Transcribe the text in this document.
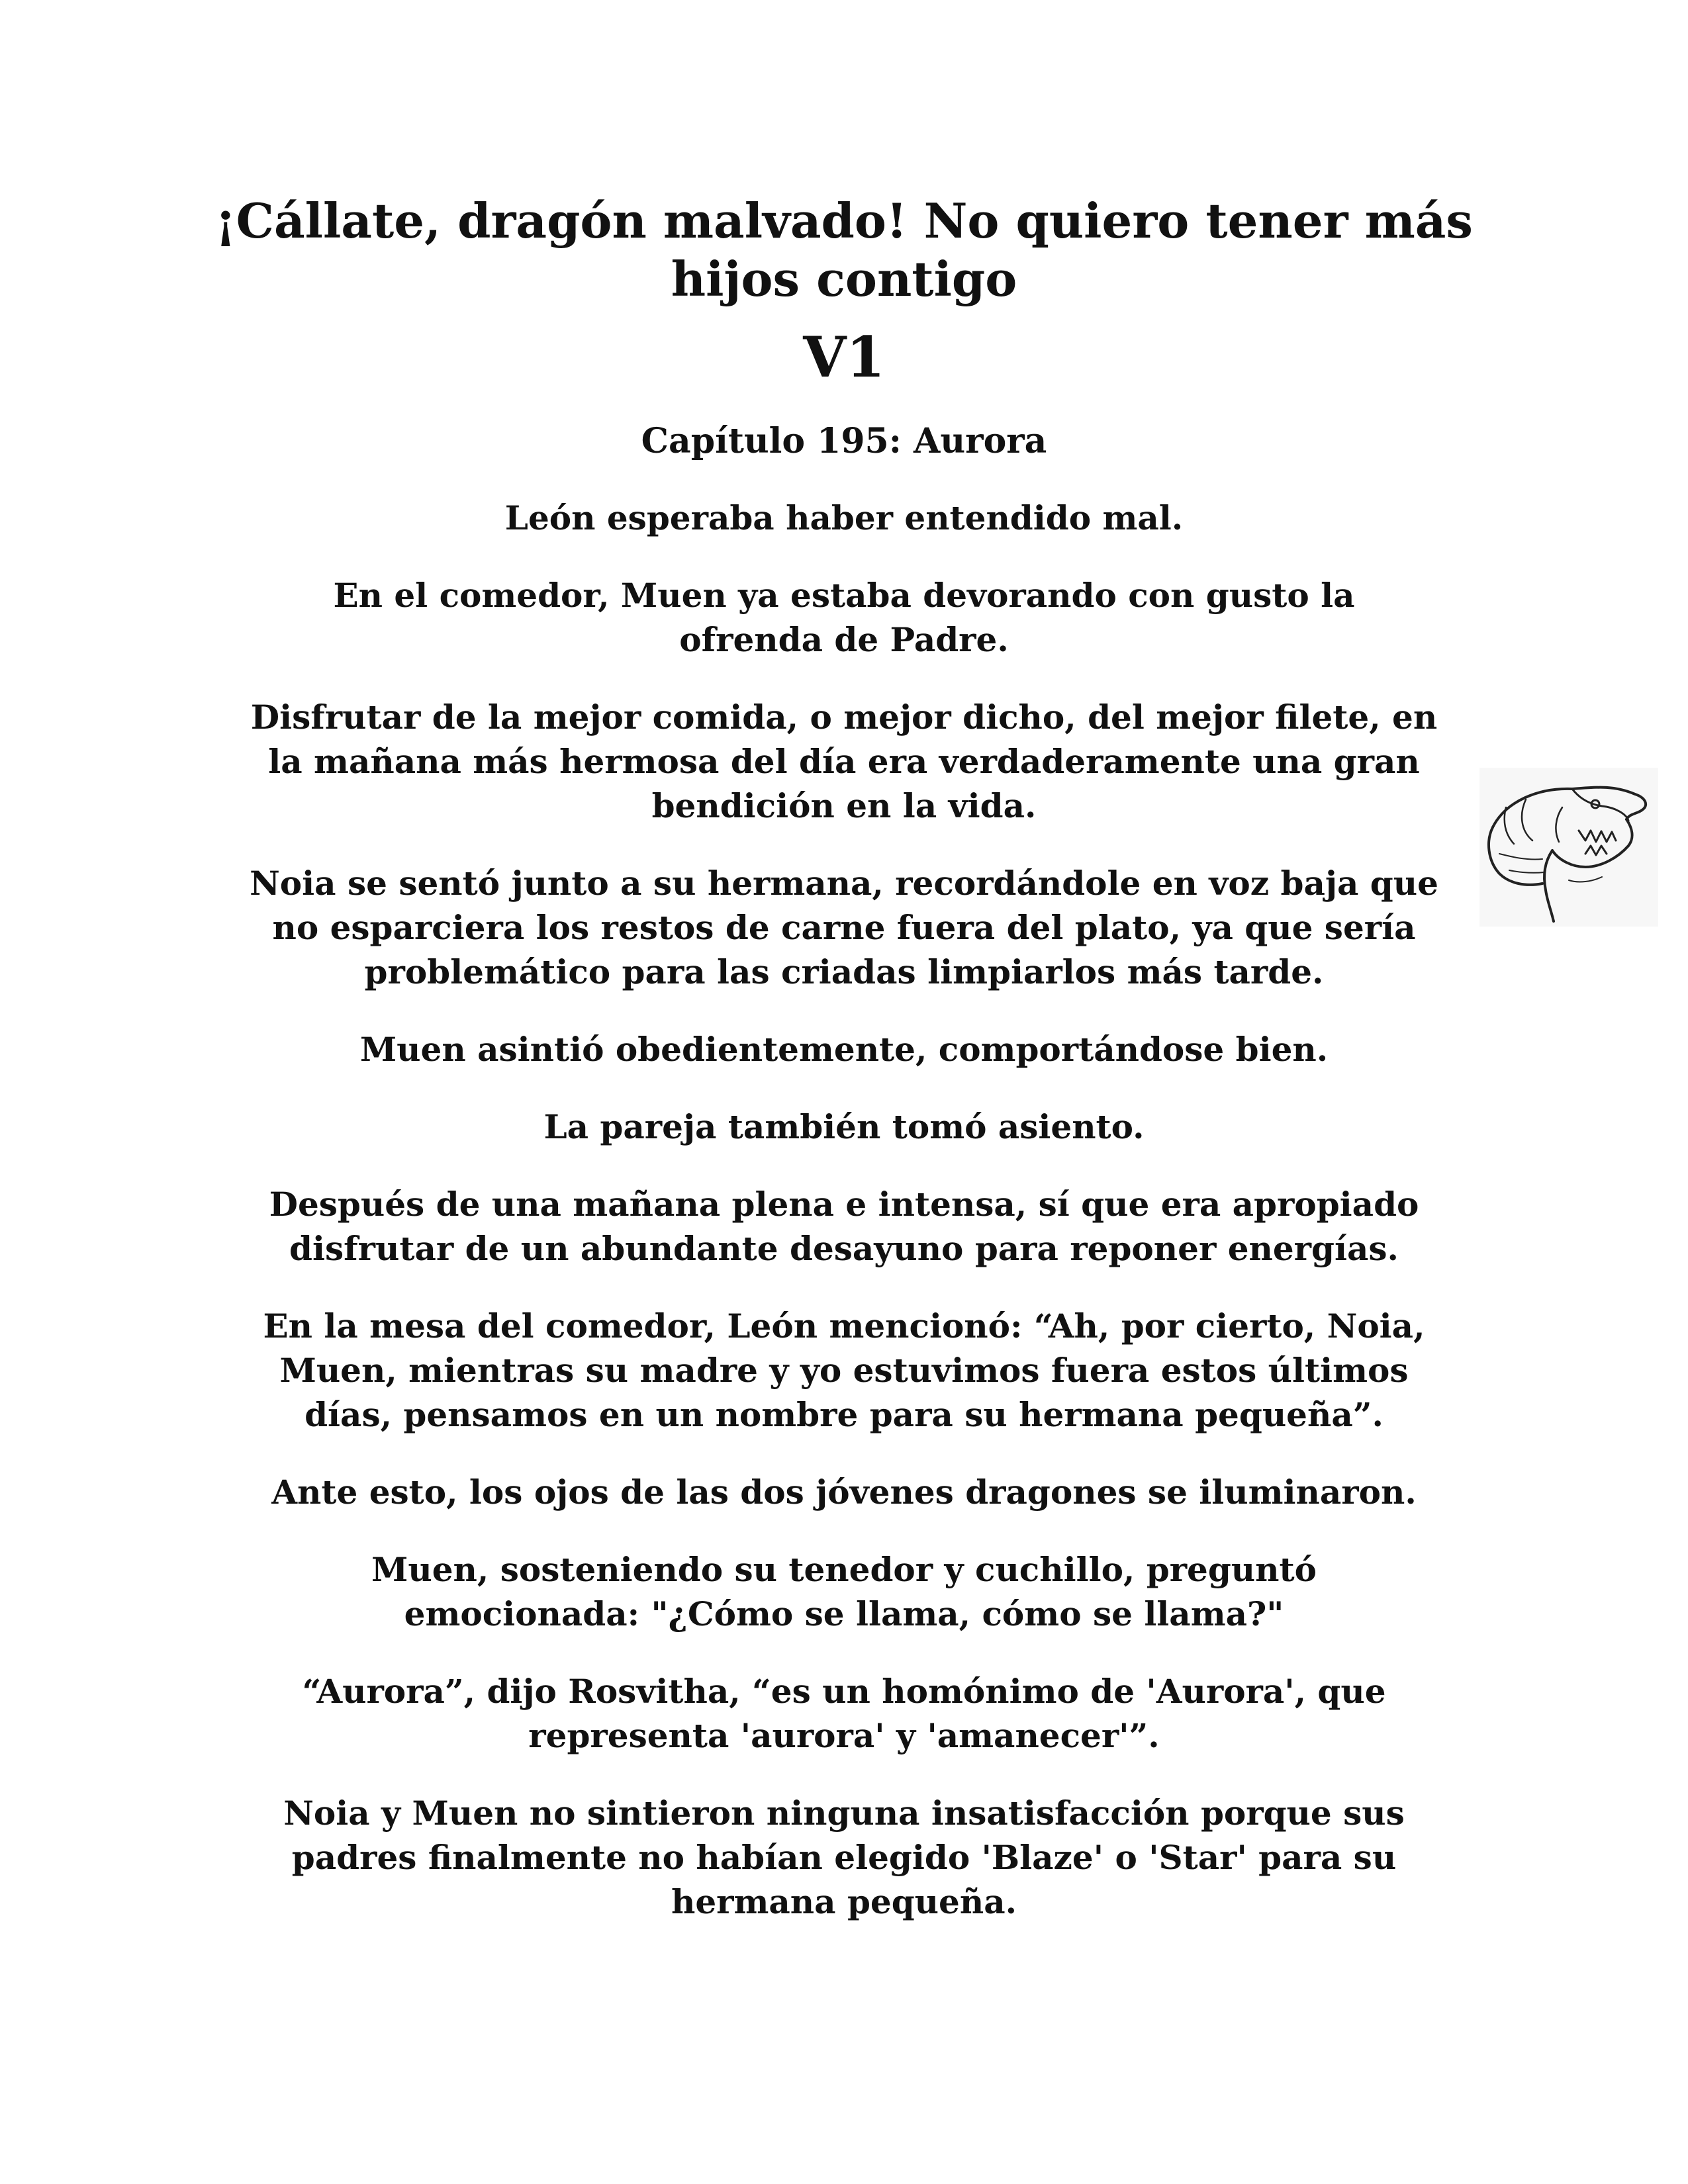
¡Cállate, dragón malvado! No quiero tener más hijos contigo
V1
Capítulo 195: Aurora

León esperaba haber entendido mal.

En el comedor, Muen ya estaba devorando con gusto la ofrenda de Padre.

Disfrutar de la mejor comida, o mejor dicho, del mejor filete, en la mañana más hermosa del día era verdaderamente una gran bendición en la vida.

Noia se sentó junto a su hermana, recordándole en voz baja que no esparciera los restos de carne fuera del plato, ya que sería problemático para las criadas limpiarlos más tarde.

Muen asintió obedientemente, comportándose bien.

La pareja también tomó asiento.

Después de una mañana plena e intensa, sí que era apropiado disfrutar de un abundante desayuno para reponer energías.

En la mesa del comedor, León mencionó: “Ah, por cierto, Noia, Muen, mientras su madre y yo estuvimos fuera estos últimos días, pensamos en un nombre para su hermana pequeña”.

Ante esto, los ojos de las dos jóvenes dragones se iluminaron.

Muen, sosteniendo su tenedor y cuchillo, preguntó emocionada: "¿Cómo se llama, cómo se llama?"

“Aurora”, dijo Rosvitha, “es un homónimo de 'Aurora', que representa 'aurora' y 'amanecer'”.

Noia y Muen no sintieron ninguna insatisfacción porque sus padres finalmente no habían elegido 'Blaze' o 'Star' para su hermana pequeña.
